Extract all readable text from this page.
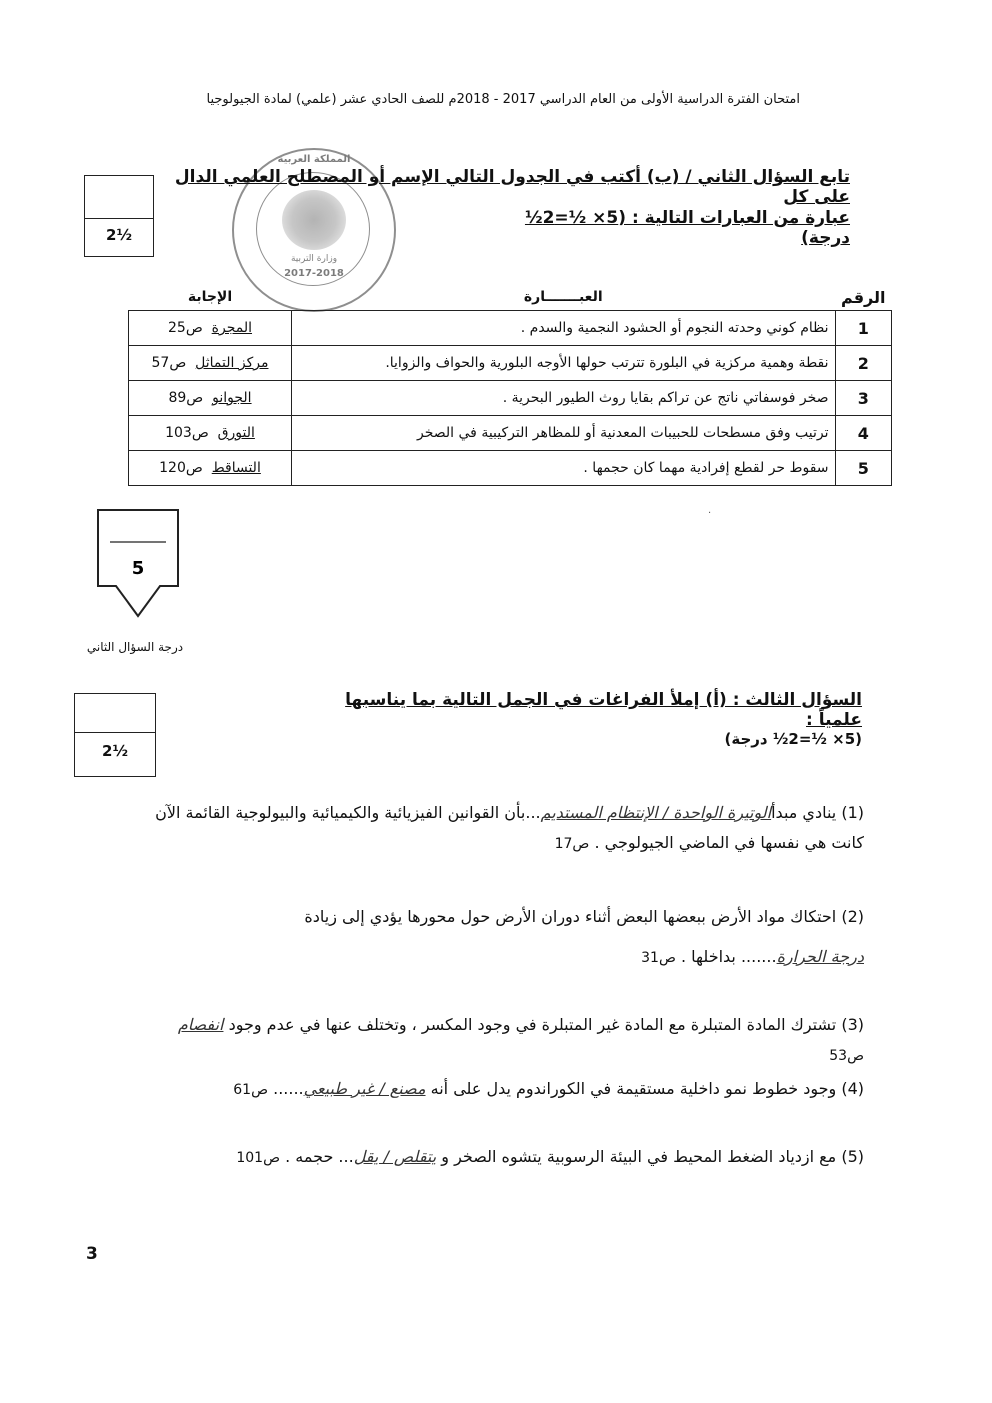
امتحان الفترة الدراسية الأولى من العام الدراسي 2017 - 2018م للصف الحادي عشر (علمي) لمادة الجيولوجيا
2½
المملكة العربية
وزارة التربية
2017-2018
تابع السؤال الثاني / (ب) أكتب في الجدول التالي الإسم أو المصطلح العلمي الدال على كل
عبارة من العبارات التالية : (5× ½=2½ درجة)
الرقم	العبـــــــارة	الإجابة
1	نظام كوني وحدته النجوم أو الحشود النجمية والسدم .	المجرة  ص25
2	نقطة وهمية مركزية في البلورة تترتب حولها الأوجه البلورية والحواف والزوايا.	مركز التماثل  ص57
3	صخر فوسفاتي ناتج عن تراكم بقايا روث الطيور البحرية .	الجوانو  ص89
4	ترتيب وفق مسطحات للحبيبات المعدنية أو للمظاهر التركيبية في الصخر	التورق  ص103
5	سقوط حر لقطع إفرادية مهما كان حجمها .	التساقط  ص120
·
5
درجة السؤال الثاني
2½
السؤال الثالث : (أ) إملأ الفراغات في الجمل التالية بما يناسبها علمياً :
(5× ½=2½ درجة)
(1) ينادي مبدأالوتيرة الواحدة / الإنتظام المستديم...بأن القوانين الفيزيائية والكيميائية والبيولوجية القائمة الآن كانت هي نفسها في الماضي الجيولوجي . ص17
(2) احتكاك مواد الأرض ببعضها البعض أثناء دوران الأرض حول محورها يؤدي إلى زيادة
درجة الحرارة....... بداخلها . ص31
(3) تشترك المادة المتبلرة مع المادة غير المتبلرة في وجود المكسر ، وتختلف عنها في عدم وجود انفصام
ص53
(4) وجود خطوط نمو داخلية مستقيمة في الكوراندوم يدل على أنه مصنع / غير طبيعي...... ص61
(5) مع ازدياد الضغط المحيط في البيئة الرسوبية يتشوه الصخر و يتقلص / يقل... حجمه . ص101
3
